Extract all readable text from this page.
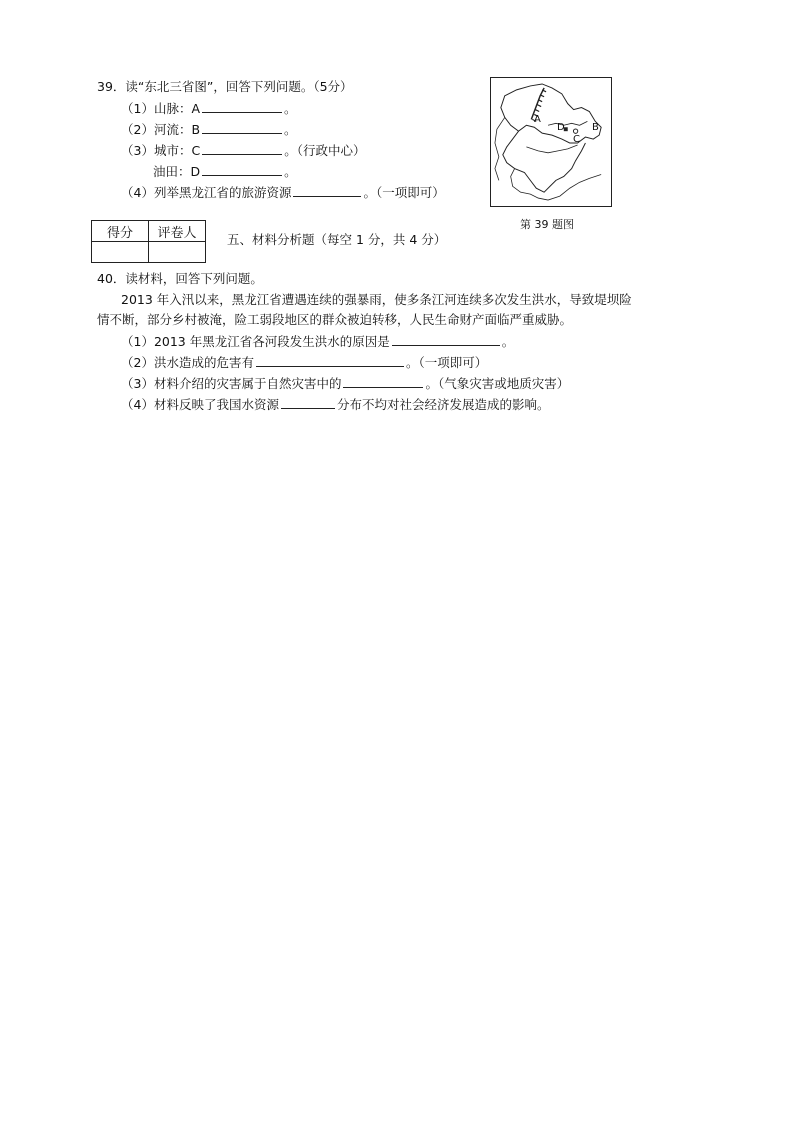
39．读“东北三省图”，回答下列问题。（5分）
（1）山脉：A	。
（2）河流：B	。
（3）城市：C	。（行政中心）
油田：D	。
（4）列举黑龙江省的旅游资源	。（一项即可）
A
D	B
C
第 39 题图
得分	评卷人
	五、材料分析题（每空 1 分，共 4 分）
40．读材料，回答下列问题。
2013 年入汛以来，黑龙江省遭遇连续的强暴雨，使多条江河连续多次发生洪水，导致堤坝险
情不断，部分乡村被淹，险工弱段地区的群众被迫转移，人民生命财产面临严重威胁。
（1）2013 年黑龙江省各河段发生洪水的原因是	。
（2）洪水造成的危害有	。（一项即可）
（3）材料介绍的灾害属于自然灾害中的	。（气象灾害或地质灾害）
（4）材料反映了我国水资源	分布不均对社会经济发展造成的影响。
